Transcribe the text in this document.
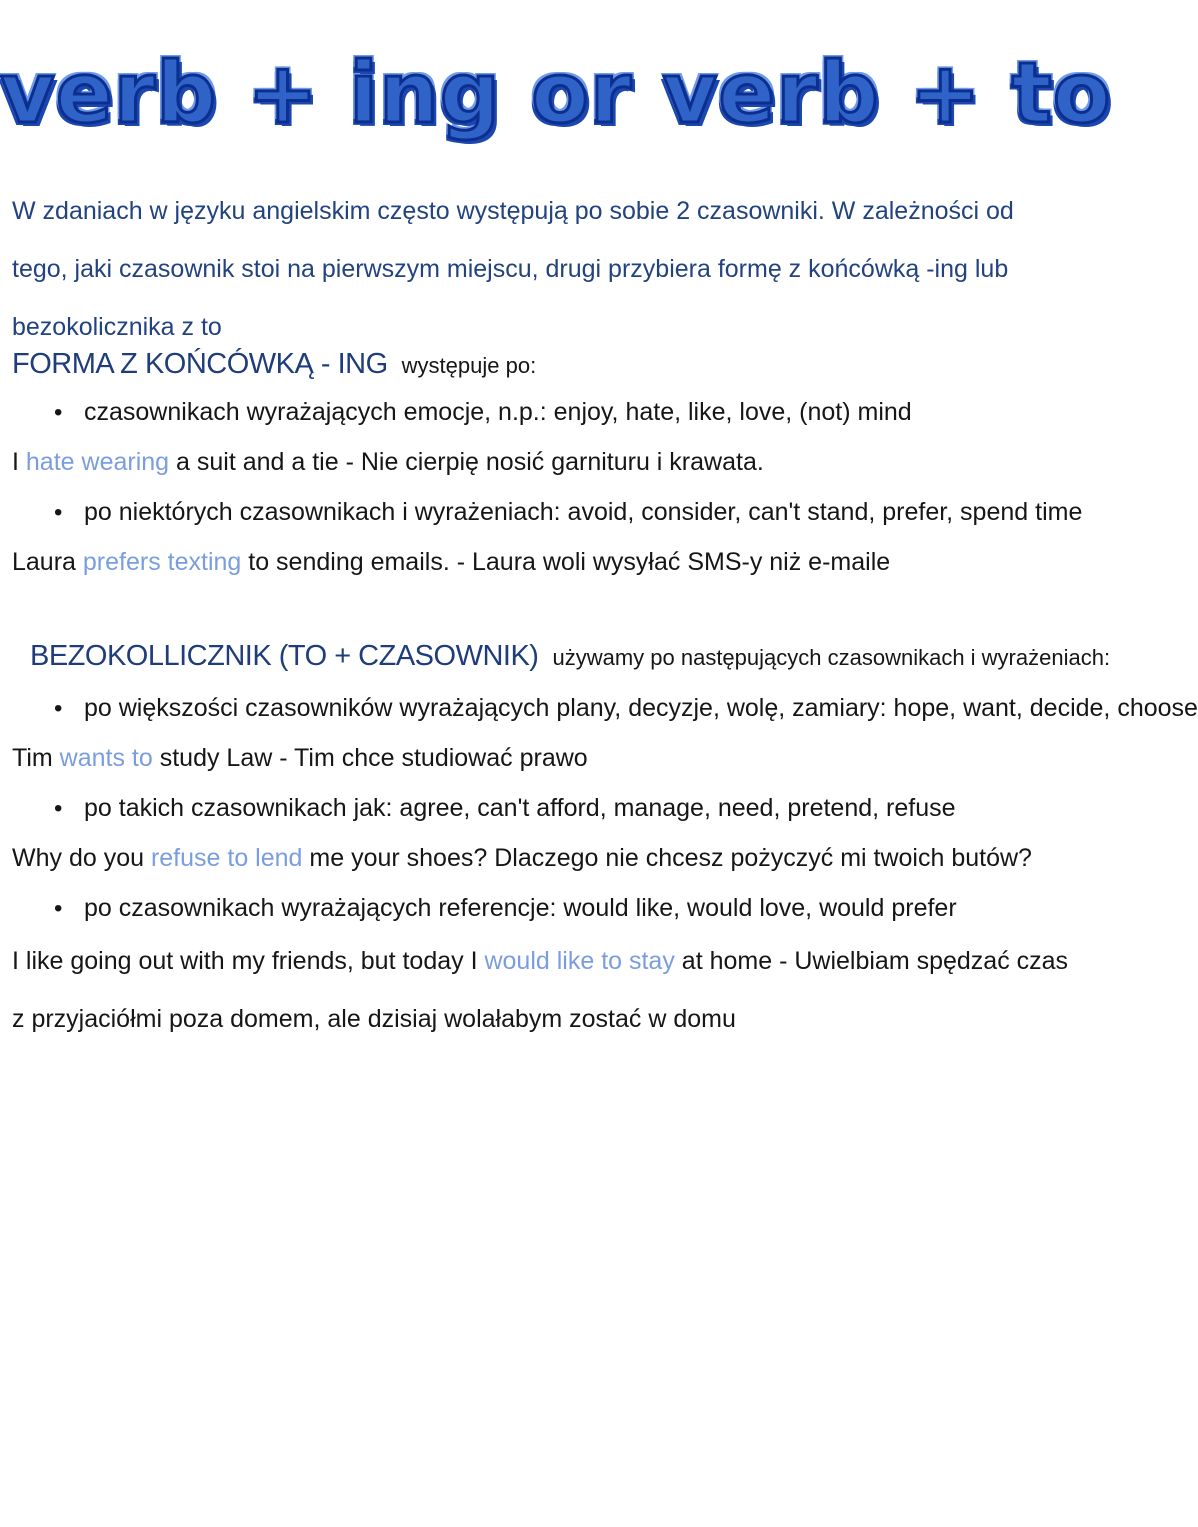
verb + ing or verb + to
W zdaniach w języku angielskim często występują po sobie 2 czasowniki. W zależności od tego, jaki czasownik stoi na pierwszym miejscu, drugi przybiera formę z końcówką -ing lub bezokolicznika z to
FORMA Z KOŃCÓWKĄ - ING występuje po:
• czasownikach wyrażających emocje, n.p.: enjoy, hate, like, love, (not) mind
I hate wearing a suit and a tie - Nie cierpię nosić garnituru i krawata.
• po niektórych czasownikach i wyrażeniach: avoid, consider, can't stand, prefer, spend time
Laura prefers texting to sending emails. - Laura woli wysyłać SMS-y niż e-maile
BEZOKOLLICZNIK (TO + CZASOWNIK) używamy po następujących czasownikach i wyrażeniach:
• po większości czasowników wyrażających plany, decyzje, wolę, zamiary: hope, want, decide, choose
Tim wants to study Law - Tim chce studiować prawo
• po takich czasownikach jak: agree, can't afford, manage, need, pretend, refuse
Why do you refuse to lend me your shoes? Dlaczego nie chcesz pożyczyć mi twoich butów?
• po czasownikach wyrażających referencje: would like, would love, would prefer
I like going out with my friends, but today I would like to stay at home - Uwielbiam spędzać czas z przyjaciółmi poza domem, ale dzisiaj wolałabym zostać w domu
